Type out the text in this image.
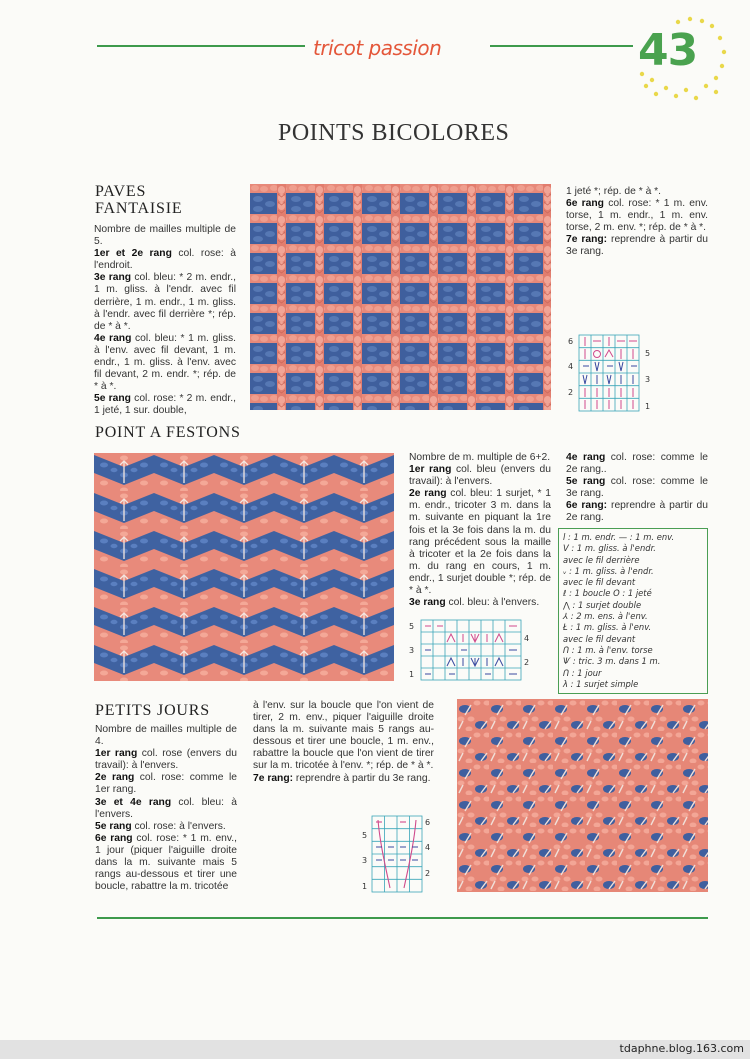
tricot passion	43
POINTS BICOLORES
PAVES
FANTAISIE

Nombre de mailles multiple de 5.

1er et 2e rang col. rose: à l'endroit.

3e rang col. bleu: * 2 m. endr., 1 m. gliss. à l'endr. avec fil derrière, 1 m. endr., 1 m. gliss. à l'endr. avec fil derrière *; rép. de * à *.

4e rang col. bleu: * 1 m. gliss. à l'env. avec fil devant, 1 m. endr., 1 m. gliss. à l'env. avec fil devant, 2 m. endr. *; rép. de * à *.

5e rang col. rose: * 2 m. endr., 1 jeté, 1 sur. double,

1 jeté *; rép. de * à *.

6e rang col. rose: * 1 m. env. torse, 1 m. endr., 1 m. env. torse, 2 m. env. *; rép. de * à *.

7e rang: reprendre à partir du 3e rang.

6
5
4
3
2
1
POINT A FESTONS

Nombre de m. multiple de 6+2.

1er rang col. bleu (envers du travail): à l'envers.

2e rang col. bleu: 1 surjet, * 1 m. endr., tricoter 3 m. dans la m. suivante en piquant la 1re fois et la 3e fois dans la m. du rang précédent sous la maille à tricoter et la 2e fois dans la m. du rang en cours, 1 m. endr., 1 surjet double *; rép. de * à *.

3e rang col. bleu: à l'envers.

4e rang col. rose: comme le 2e rang..

5e rang col. rose: comme le 3e rang.

6e rang: reprendre à partir du 2e rang.

l : 1 m. endr. — : 1 m. env.
V : 1 m. gliss. à l'endr.
avec le fil derrière
ᵥ : 1 m. gliss. à l'endr.
avec le fil devant
ℓ : 1 boucle O : 1 jeté
⋀ : 1 surjet double
⅄ : 2 m. ens. à l'env.
Ł : 1 m. gliss. à l'env.
avec le fil devant
ᑎ : 1 m. à l'env. torse
Ѱ : tric. 3 m. dans 1 m.
ᑎ : 1 jour
λ : 1 surjet simple
5
4
3
2
1
PETITS JOURS

Nombre de mailles multiple de 4.

1er rang col. rose (envers du travail): à l'envers.

2e rang col. rose: comme le 1er rang.

3e et 4e rang col. bleu: à l'envers.

5e rang col. rose: à l'envers.

6e rang col. rose: * 1 m. env., 1 jour (piquer l'aiguille droite dans la m. suivante mais 5 rangs au-dessous et tirer une boucle, rabattre la m. tricotée

à l'env. sur la boucle que l'on vient de tirer, 2 m. env., piquer l'aiguille droite dans la m. suivante mais 5 rangs au-dessous et tirer une boucle, 1 m. env., rabattre la boucle que l'on vient de tirer sur la m. tricotée à l'env. *; rép. de * à *.

7e rang: reprendre à partir du 3e rang.

6
5
4
3
2
1
tdaphne.blog.163.com
